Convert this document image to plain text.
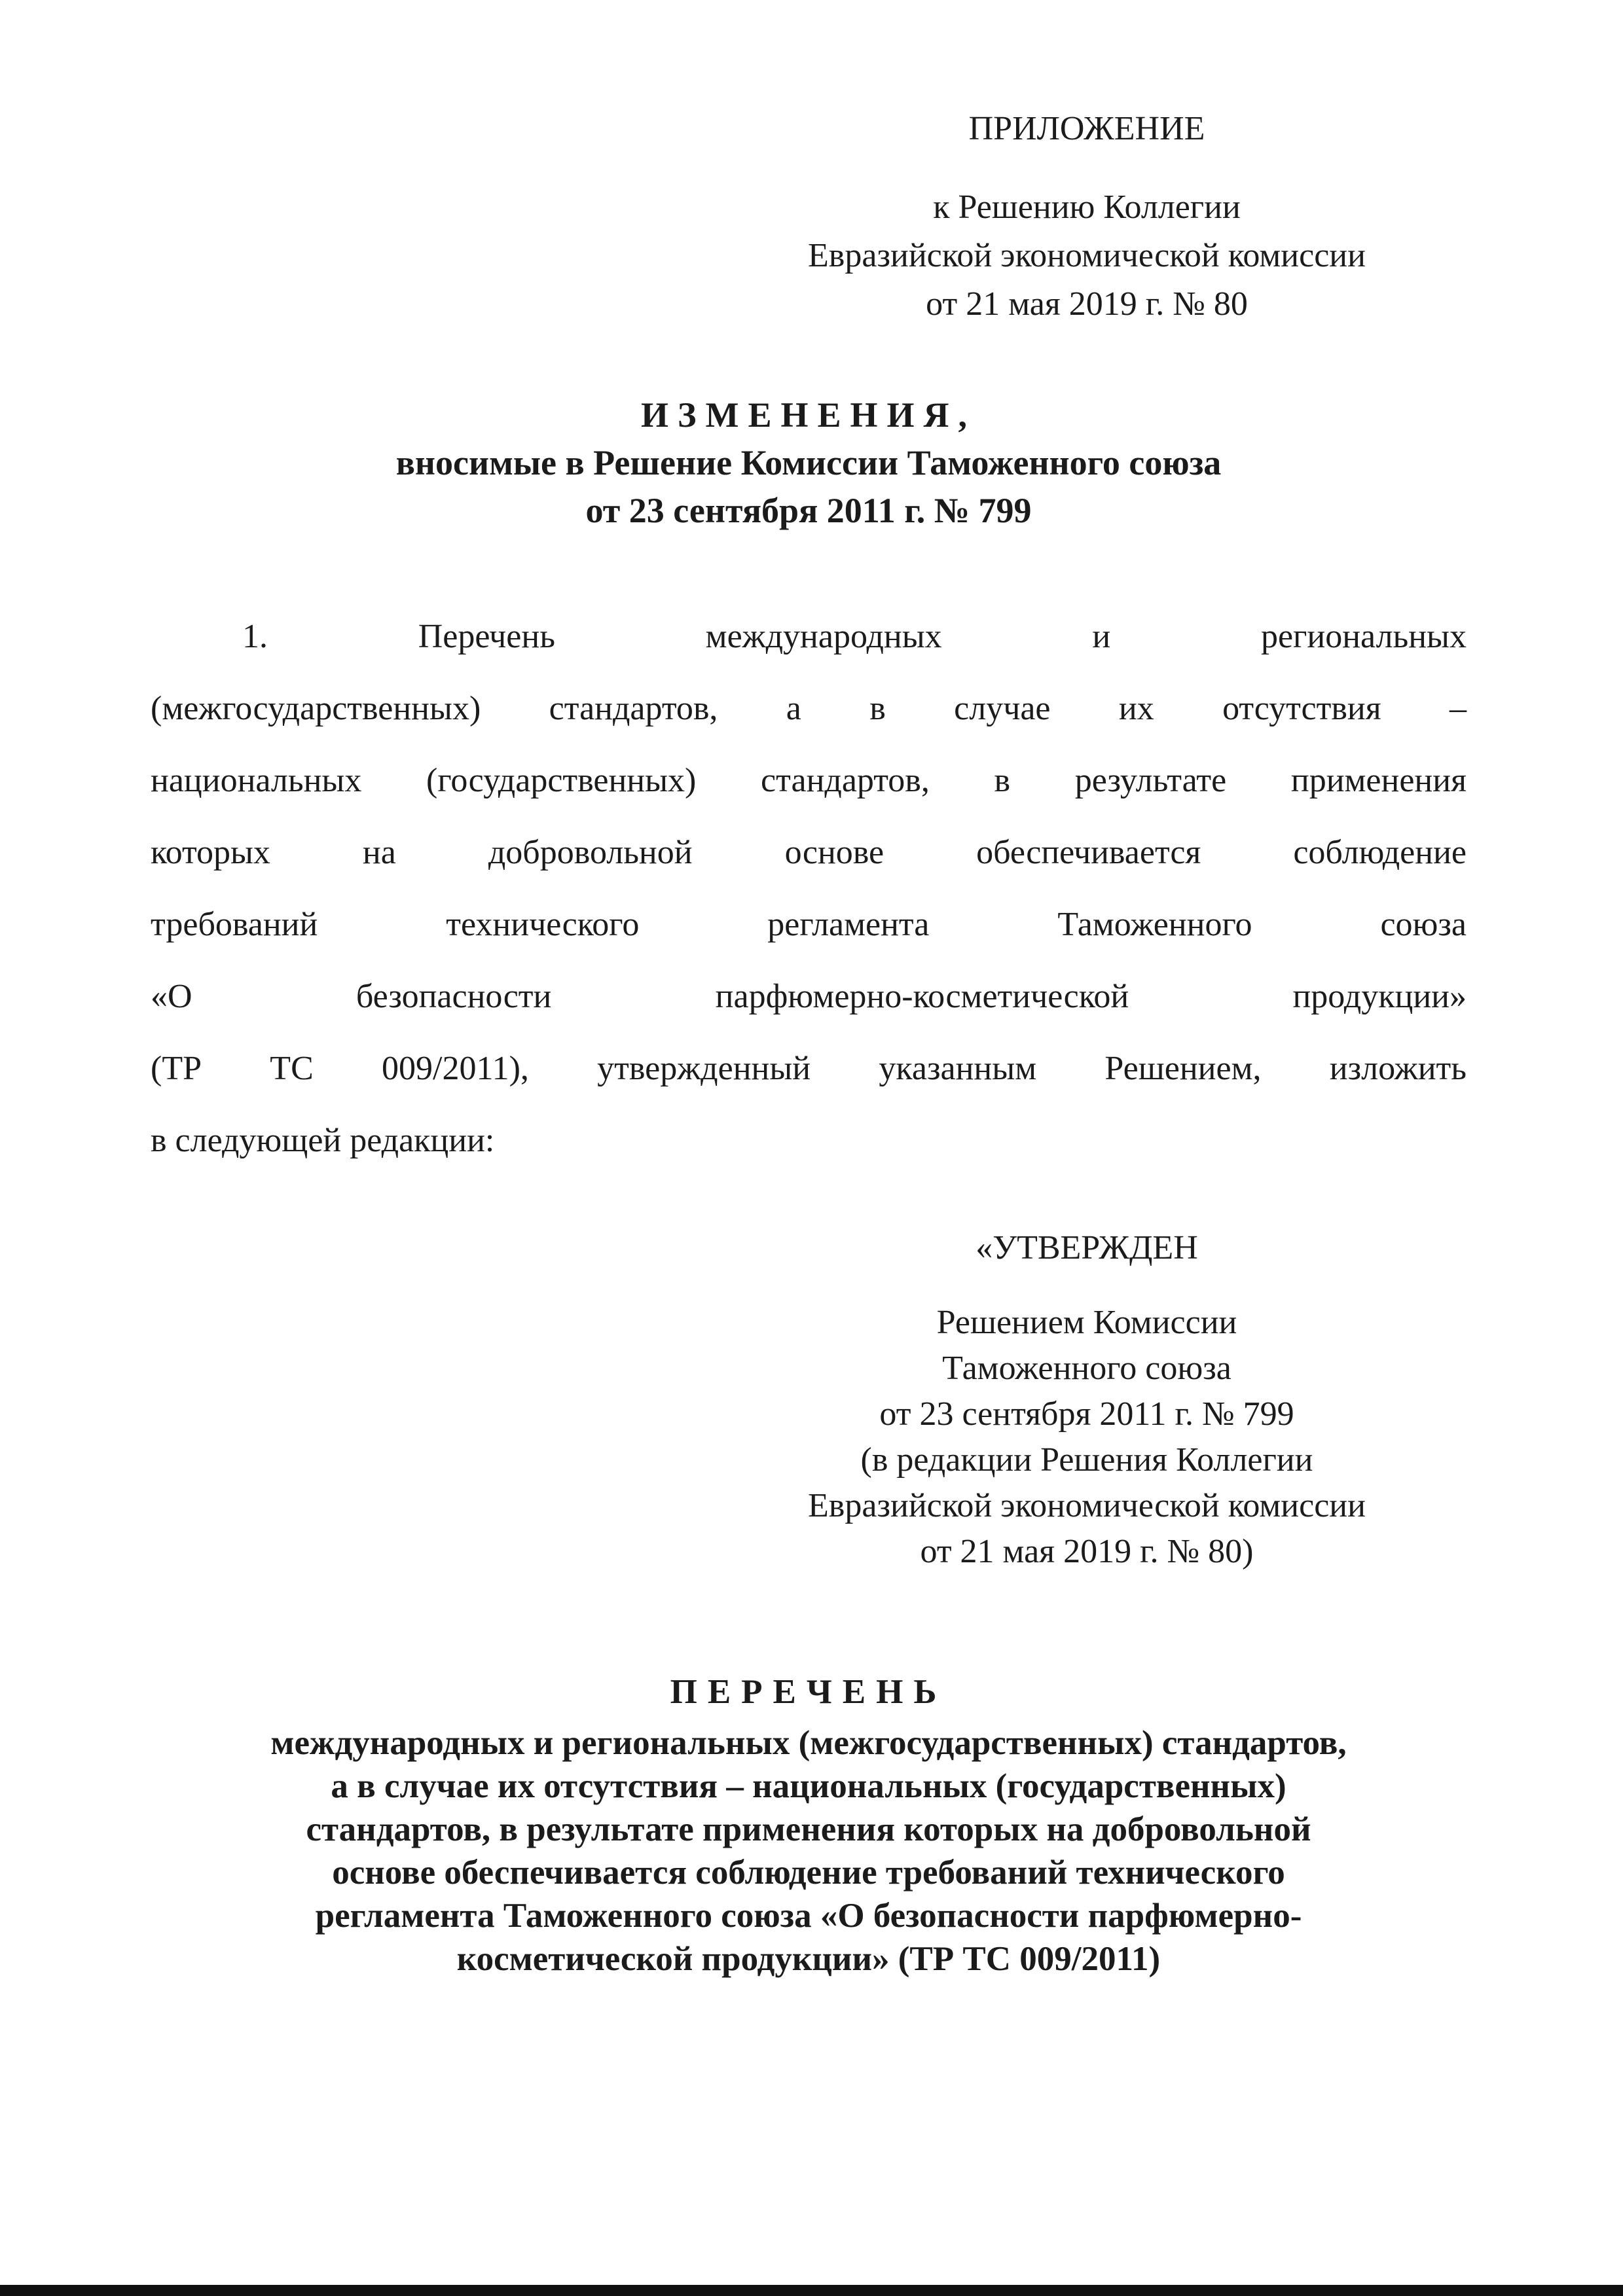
ПРИЛОЖЕНИЕ
к Решению Коллегии
Евразийской экономической комиссии
от 21 мая 2019 г. № 80
ИЗМЕНЕНИЯ,
вносимые в Решение Комиссии Таможенного союза
от 23 сентября 2011 г. № 799
1. Перечень международных и региональных
(межгосударственных) стандартов, а в случае их отсутствия –
национальных (государственных) стандартов, в результате применения
которых на добровольной основе обеспечивается соблюдение
требований технического регламента Таможенного союза
«О безопасности парфюмерно-косметической продукции»
(ТР ТС 009/2011), утвержденный указанным Решением, изложить
в следующей редакции:
«УТВЕРЖДЕН
Решением Комиссии
Таможенного союза
от 23 сентября 2011 г. № 799
(в редакции Решения Коллегии
Евразийской экономической комиссии
от 21 мая 2019 г. № 80)
ПЕРЕЧЕНЬ
международных и региональных (межгосударственных) стандартов,
а в случае их отсутствия – национальных (государственных)
стандартов, в результате применения которых на добровольной
основе обеспечивается соблюдение требований технического
регламента Таможенного союза «О безопасности парфюмерно-
косметической продукции» (ТР ТС 009/2011)
